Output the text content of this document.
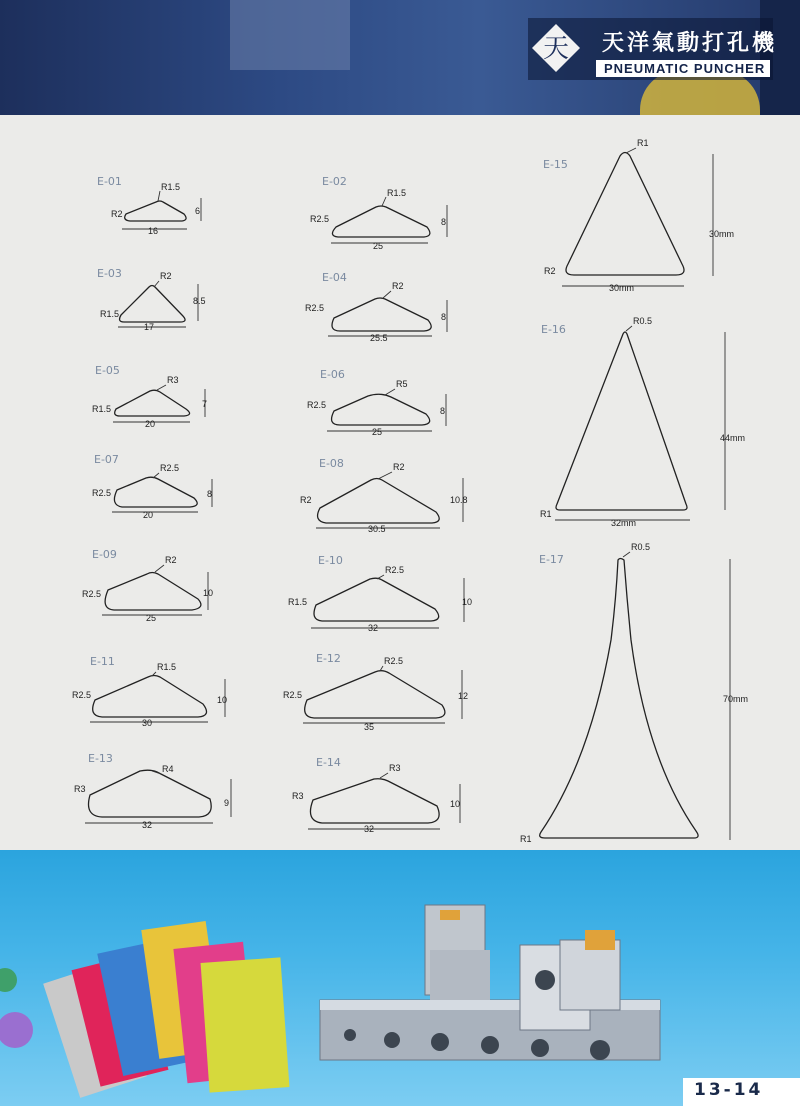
天 天洋氣動打孔機
PNEUMATIC PUNCHER
E-01	R1.5
R2
16
6
E-02
R1.5
R2.5
25
8
E-03	R2
R1.5
17
8.5
E-04
R2
R2.5
25.5
8
E-05
R3
R1.5
20
7
E-06
R5
R2.5
25
8
E-07
R2.5
R2.5
20
8
E-08	R2
R2
30.5
10.8
E-09	R2
R2.5
25
10
E-10
R2.5
R1.5
32
10
E-11	R1.5
R2.5
30
10
E-12	R2.5
R2.5
35
12
E-13
R4
R3
32
9
E-14	R3
R3
32
10
E-15
R1
R2
30mm
30mm
E-16
R0.5
R1
32mm
44mm
E-17
R0.5
R1
70mm
13-14
